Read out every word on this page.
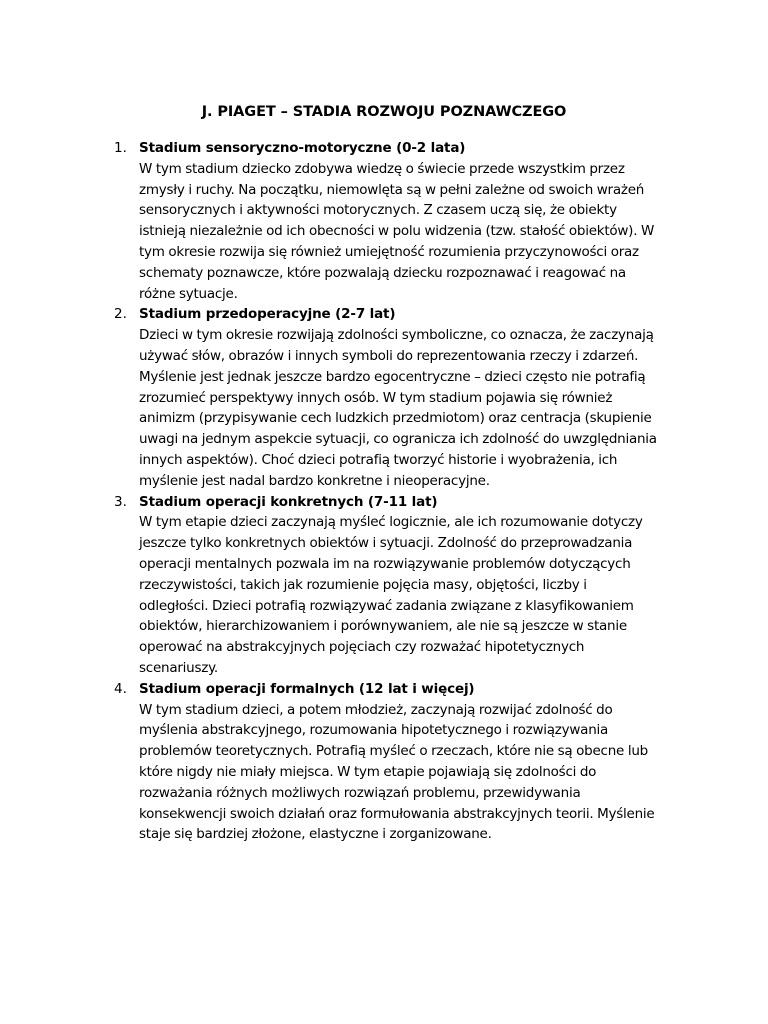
J. PIAGET – STADIA ROZWOJU POZNAWCZEGO
1. Stadium sensoryczno-motoryczne (0-2 lata)

W tym stadium dziecko zdobywa wiedzę o świecie przede wszystkim przez
zmysły i ruchy. Na początku, niemowlęta są w pełni zależne od swoich wrażeń
sensorycznych i aktywności motorycznych. Z czasem uczą się, że obiekty
istnieją niezależnie od ich obecności w polu widzenia (tzw. stałość obiektów). W
tym okresie rozwija się również umiejętność rozumienia przyczynowości oraz
schematy poznawcze, które pozwalają dziecku rozpoznawać i reagować na
różne sytuacje.

2. Stadium przedoperacyjne (2-7 lat)

Dzieci w tym okresie rozwijają zdolności symboliczne, co oznacza, że zaczynają
używać słów, obrazów i innych symboli do reprezentowania rzeczy i zdarzeń.
Myślenie jest jednak jeszcze bardzo egocentryczne – dzieci często nie potrafią
zrozumieć perspektywy innych osób. W tym stadium pojawia się również
animizm (przypisywanie cech ludzkich przedmiotom) oraz centracja (skupienie
uwagi na jednym aspekcie sytuacji, co ogranicza ich zdolność do uwzględniania
innych aspektów). Choć dzieci potrafią tworzyć historie i wyobrażenia, ich
myślenie jest nadal bardzo konkretne i nieoperacyjne.

3. Stadium operacji konkretnych (7-11 lat)

W tym etapie dzieci zaczynają myśleć logicznie, ale ich rozumowanie dotyczy
jeszcze tylko konkretnych obiektów i sytuacji. Zdolność do przeprowadzania
operacji mentalnych pozwala im na rozwiązywanie problemów dotyczących
rzeczywistości, takich jak rozumienie pojęcia masy, objętości, liczby i
odległości. Dzieci potrafią rozwiązywać zadania związane z klasyfikowaniem
obiektów, hierarchizowaniem i porównywaniem, ale nie są jeszcze w stanie
operować na abstrakcyjnych pojęciach czy rozważać hipotetycznych
scenariuszy.

4. Stadium operacji formalnych (12 lat i więcej)

W tym stadium dzieci, a potem młodzież, zaczynają rozwijać zdolność do
myślenia abstrakcyjnego, rozumowania hipotetycznego i rozwiązywania
problemów teoretycznych. Potrafią myśleć o rzeczach, które nie są obecne lub
które nigdy nie miały miejsca. W tym etapie pojawiają się zdolności do
rozważania różnych możliwych rozwiązań problemu, przewidywania
konsekwencji swoich działań oraz formułowania abstrakcyjnych teorii. Myślenie
staje się bardziej złożone, elastyczne i zorganizowane.
